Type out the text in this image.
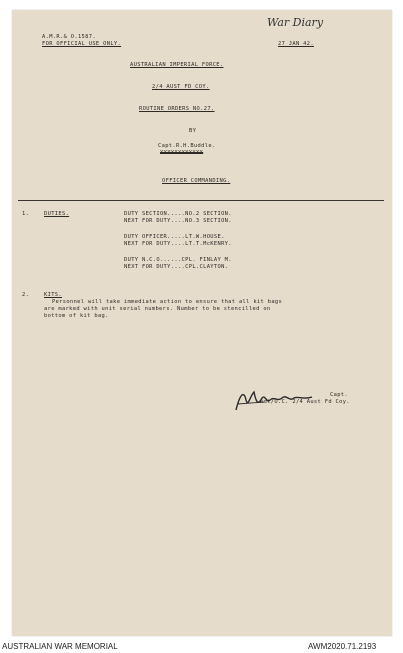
War Diary
A.M.R.& O.1587.
FOR OFFICIAL USE ONLY.	27 JAN 42.
AUSTRALIAN IMPERIAL FORCE.
2/4 AUST FD COY.
ROUTINE ORDERS NO.27.
BY
Capt.R.H.Buddle.
XXXXXXXXXXXX
OFFICER COMMANDING.
1.	DUTIES.	DUTY SECTION.....NO.2 SECTION.
NEXT FOR DUTY....NO.3 SECTION.
DUTY OFFICER.....LT.W.HOUSE.
NEXT FOR DUTY....LT.T.McKENRY.
DUTY N.C.O......CPL. FINLAY M.
NEXT FOR DUTY....CPL.CLAYTON.
2.	KITS.
Personnel will take immediate action to ensure that all kit bags
are marked with unit serial numbers. Number to be stencilled on
bottom of kit bag.
Capt.
Adt/O.C. 2/4 Aust Fd Coy.
AUSTRALIAN WAR MEMORIAL	AWM2020.71.2193
